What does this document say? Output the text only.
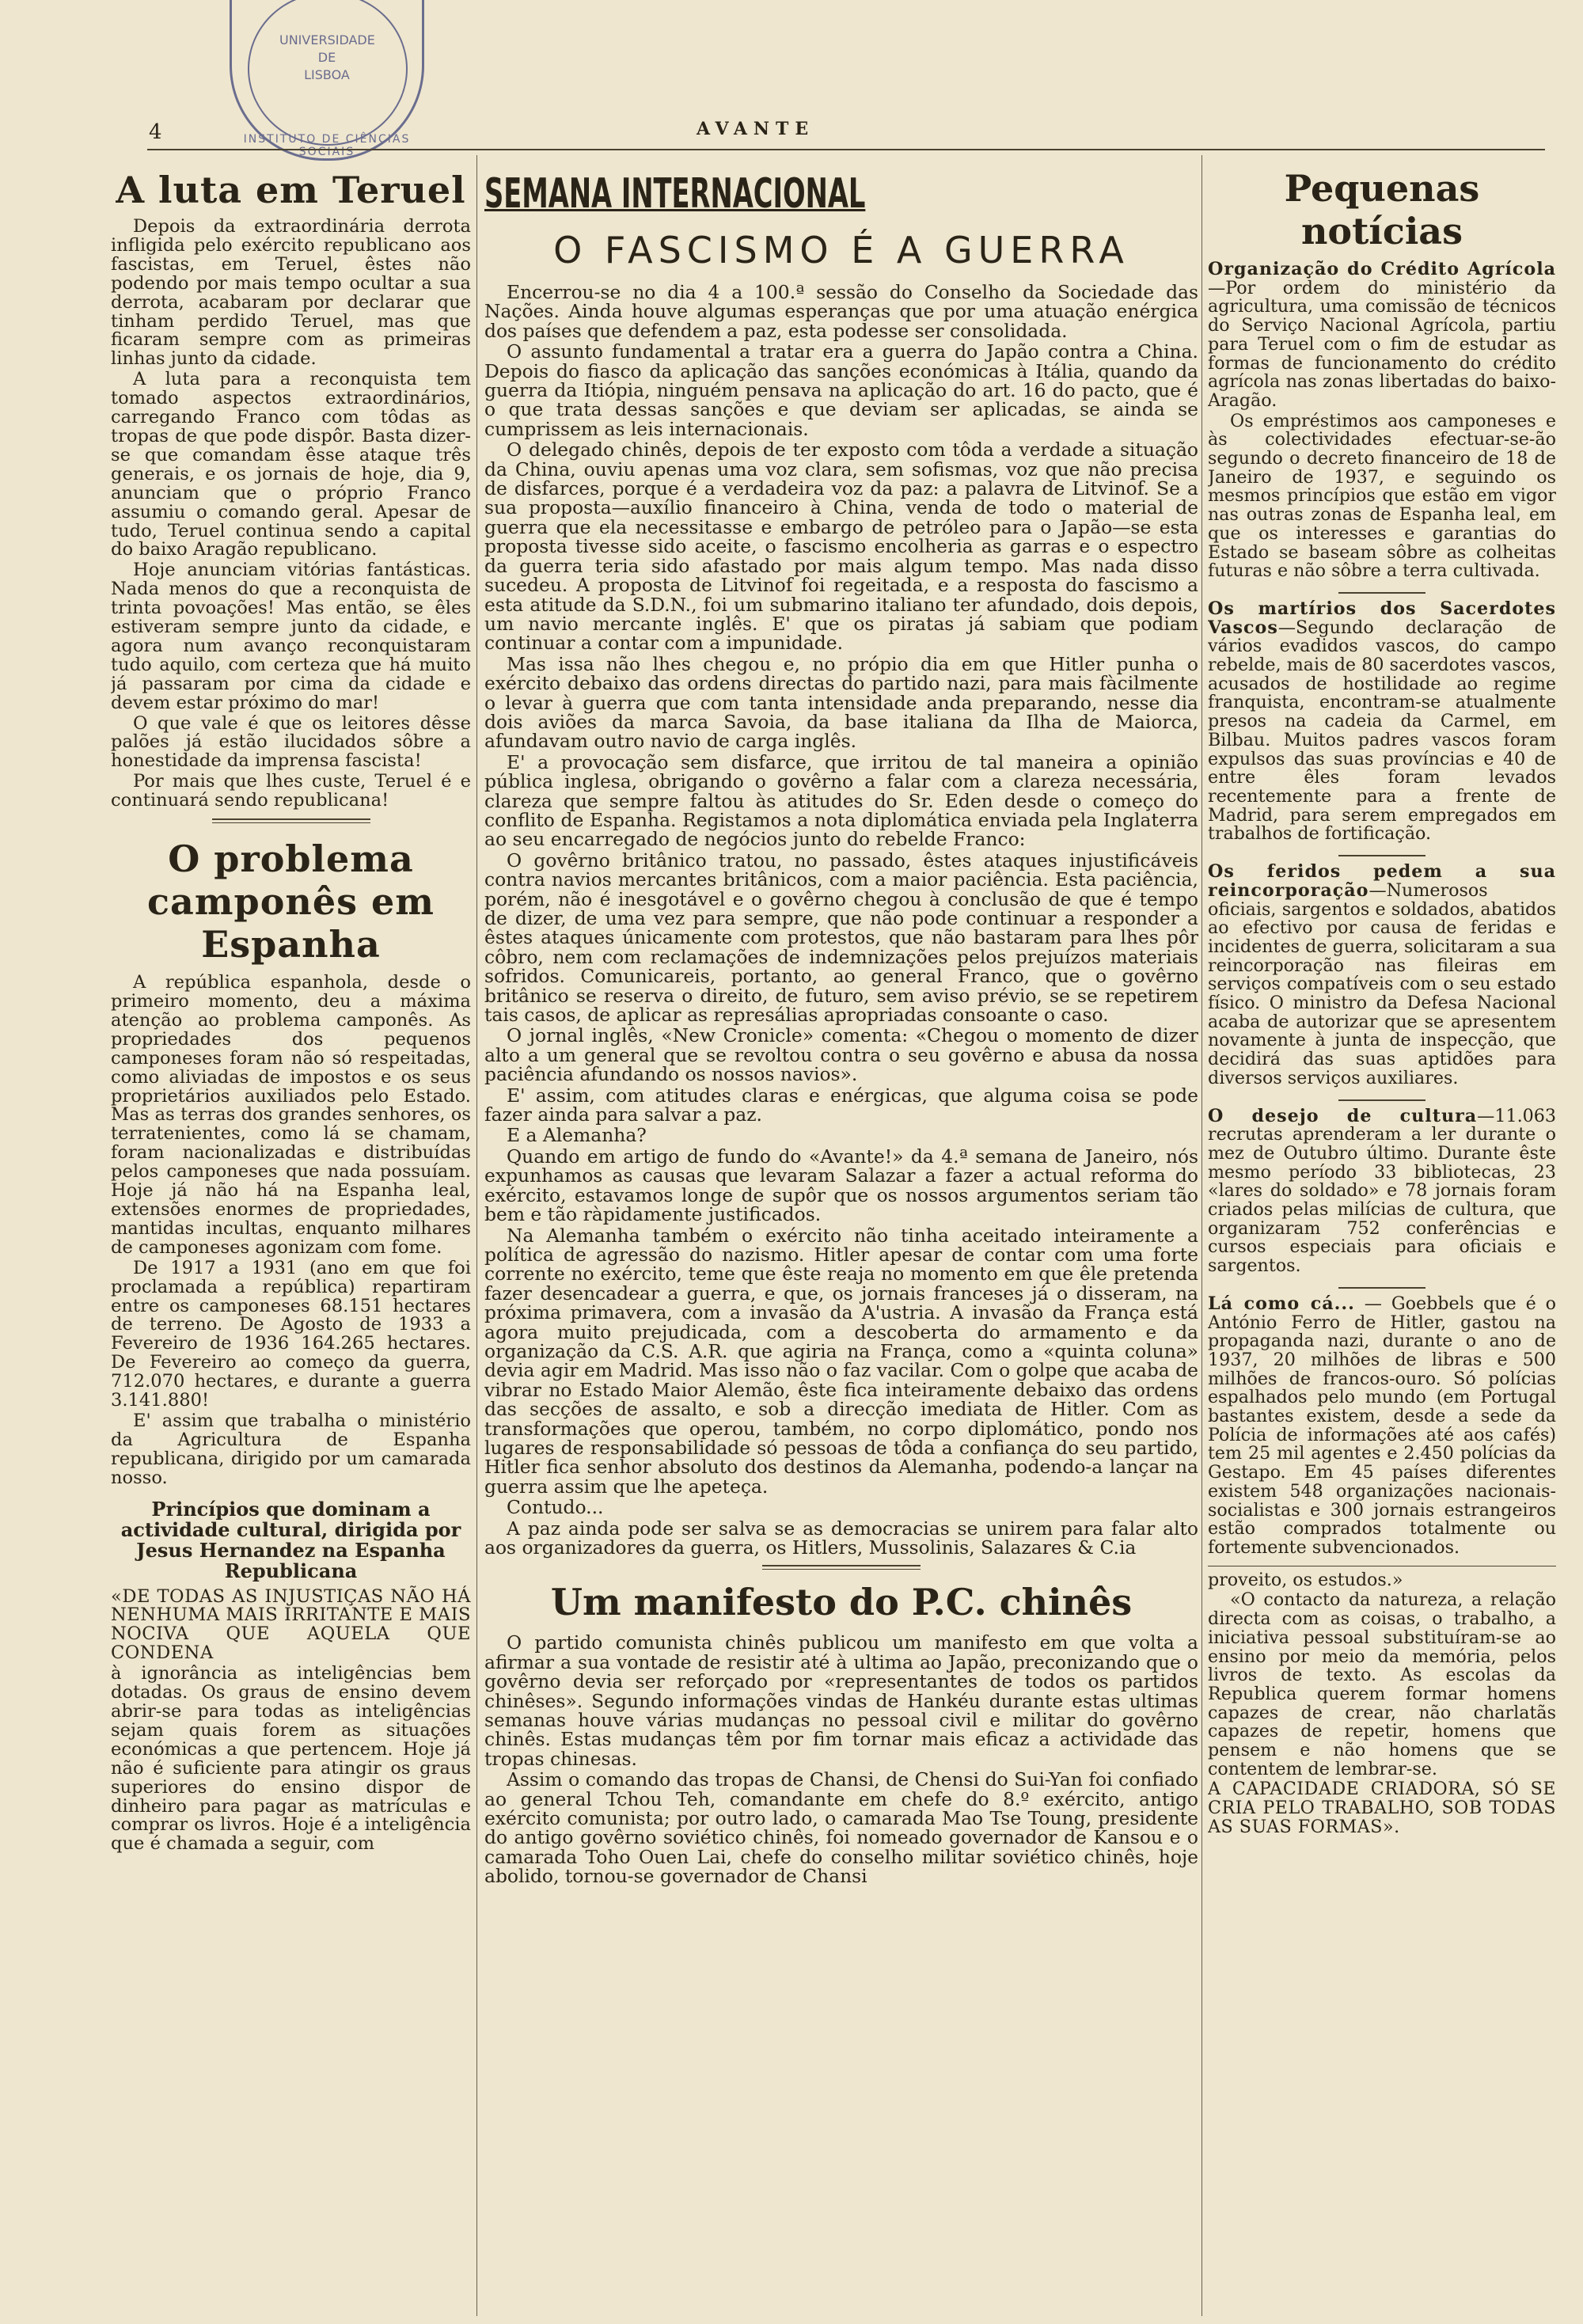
UNIVERSIDADE
DE
LISBOA
INSTITUTO DE CIÊNCIAS SOCIAIS
4	AVANTE
A luta em Teruel

Depois da extraordinária derrota infligida pelo exército republicano aos fascistas, em Teruel, êstes não podendo por mais tempo ocultar a sua derrota, acabaram por declarar que tinham perdido Teruel, mas que ficaram sempre com as primeiras linhas junto da cidade.

A luta para a reconquista tem tomado aspectos extraordinários, carregando Franco com tôdas as tropas de que pode dispôr. Basta dizer-se que comandam êsse ataque três generais, e os jornais de hoje, dia 9, anunciam que o próprio Franco assumiu o comando geral. Apesar de tudo, Teruel continua sendo a capital do baixo Aragão republicano.

Hoje anunciam vitórias fantásticas. Nada menos do que a reconquista de trinta povoações! Mas então, se êles estiveram sempre junto da cidade, e agora num avanço reconquistaram tudo aquilo, com certeza que há muito já passaram por cima da cidade e devem estar próximo do mar!

O que vale é que os leitores dêsse palões já estão ilucidados sôbre a honestidade da imprensa fascista!

Por mais que lhes custe, Teruel é e continuará sendo republicana!

O problema camponês em Espanha

A república espanhola, desde o primeiro momento, deu a máxima atenção ao problema camponês. As propriedades dos pequenos camponeses foram não só respeitadas, como aliviadas de impostos e os seus proprietários auxiliados pelo Estado. Mas as terras dos grandes senhores, os terratenientes, como lá se chamam, foram nacionalizadas e distribuídas pelos camponeses que nada possuíam. Hoje já não há na Espanha leal, extensões enormes de propriedades, mantidas incultas, enquanto milhares de camponeses agonizam com fome.

De 1917 a 1931 (ano em que foi proclamada a república) repartiram entre os camponeses 68.151 hectares de terreno. De Agosto de 1933 a Fevereiro de 1936 164.265 hectares. De Fevereiro ao começo da guerra, 712.070 hectares, e durante a guerra 3.141.880!

E' assim que trabalha o ministério da Agricultura de Espanha republicana, dirigido por um camarada nosso.

Princípios que dominam a actividade cultural, dirigida por Jesus Hernandez na Espanha Republicana

«DE TODAS AS INJUSTIÇAS NÃO HÁ NENHUMA MAIS IRRITANTE E MAIS NOCIVA QUE AQUELA QUE CONDENA

à ignorância as inteligências bem dotadas. Os graus de ensino devem abrir-se para todas as inteligências sejam quais forem as situações económicas a que pertencem. Hoje já não é suficiente para atingir os graus superiores do ensino dispor de dinheiro para pagar as matrículas e comprar os livros. Hoje é a inteligência que é chamada a seguir, com

SEMANA INTERNACIONAL
O FASCISMO É A GUERRA

Encerrou-se no dia 4 a 100.ª sessão do Conselho da Sociedade das Nações. Ainda houve algumas esperanças que por uma atuação enérgica dos países que defendem a paz, esta podesse ser consolidada.

O assunto fundamental a tratar era a guerra do Japão contra a China. Depois do fiasco da aplicação das sanções económicas à Itália, quando da guerra da Itiópia, ninguém pensava na aplicação do art. 16 do pacto, que é o que trata dessas sanções e que deviam ser aplicadas, se ainda se cumprissem as leis internacionais.

O delegado chinês, depois de ter exposto com tôda a verdade a situação da China, ouviu apenas uma voz clara, sem sofismas, voz que não precisa de disfarces, porque é a verdadeira voz da paz: a palavra de Litvinof. Se a sua proposta—auxílio financeiro à China, venda de todo o material de guerra que ela necessitasse e embargo de petróleo para o Japão—se esta proposta tivesse sido aceite, o fascismo encolheria as garras e o espectro da guerra teria sido afastado por mais algum tempo. Mas nada disso sucedeu. A proposta de Litvinof foi regeitada, e a resposta do fascismo a esta atitude da S.D.N., foi um submarino italiano ter afundado, dois depois, um navio mercante inglês. E' que os piratas já sabiam que podiam continuar a contar com a impunidade.

Mas issa não lhes chegou e, no própio dia em que Hitler punha o exército debaixo das ordens directas do partido nazi, para mais fàcilmente o levar à guerra que com tanta intensidade anda preparando, nesse dia dois aviões da marca Savoia, da base italiana da Ilha de Maiorca, afundavam outro navio de carga inglês.

E' a provocação sem disfarce, que irritou de tal maneira a opinião pública inglesa, obrigando o govêrno a falar com a clareza necessária, clareza que sempre faltou às atitudes do Sr. Eden desde o começo do conflito de Espanha. Registamos a nota diplomática enviada pela Inglaterra ao seu encarregado de negócios junto do rebelde Franco:

O govêrno britânico tratou, no passado, êstes ataques injustificáveis contra navios mercantes britânicos, com a maior paciência. Esta paciência, porém, não é inesgotável e o govêrno chegou à conclusão de que é tempo de dizer, de uma vez para sempre, que não pode continuar a responder a êstes ataques únicamente com protestos, que não bastaram para lhes pôr côbro, nem com reclamações de indemnizações pelos prejuízos materiais sofridos. Comunicareis, portanto, ao general Franco, que o govêrno britânico se reserva o direito, de futuro, sem aviso prévio, se se repetirem tais casos, de aplicar as represálias apropriadas consoante o caso.

O jornal inglês, «New Cronicle» comenta: «Chegou o momento de dizer alto a um general que se revoltou contra o seu govêrno e abusa da nossa paciência afundando os nossos navios».

E' assim, com atitudes claras e enérgicas, que alguma coisa se pode fazer ainda para salvar a paz.

E a Alemanha?

Quando em artigo de fundo do «Avante!» da 4.ª semana de Janeiro, nós expunhamos as causas que levaram Salazar a fazer a actual reforma do exército, estavamos longe de supôr que os nossos argumentos seriam tão bem e tão ràpidamente justificados.

Na Alemanha também o exército não tinha aceitado inteiramente a política de agressão do nazismo. Hitler apesar de contar com uma forte corrente no exército, teme que êste reaja no momento em que êle pretenda fazer desencadear a guerra, e que, os jornais franceses já o disseram, na próxima primavera, com a invasão da A'ustria. A invasão da França está agora muito prejudicada, com a descoberta do armamento e da organização da C.S. A.R. que agiria na França, como a «quinta coluna» devia agir em Madrid. Mas isso não o faz vacilar. Com o golpe que acaba de vibrar no Estado Maior Alemão, êste fica inteiramente debaixo das ordens das secções de assalto, e sob a direcção imediata de Hitler. Com as transformações que operou, também, no corpo diplomático, pondo nos lugares de responsabilidade só pessoas de tôda a confiança do seu partido, Hitler fica senhor absoluto dos destinos da Alemanha, podendo-a lançar na guerra assim que lhe apeteça.

Contudo...

A paz ainda pode ser salva se as democracias se unirem para falar alto aos organizadores da guerra, os Hitlers, Mussolinis, Salazares & C.ia

Um manifesto do P.C. chinês

O partido comunista chinês publicou um manifesto em que volta a afirmar a sua vontade de resistir até à ultima ao Japão, preconizando que o govêrno devia ser reforçado por «representantes de todos os partidos chinêses». Segundo informações vindas de Hankéu durante estas ultimas semanas houve várias mudanças no pessoal civil e militar do govêrno chinês. Estas mudanças têm por fim tornar mais eficaz a actividade das tropas chinesas.

Assim o comando das tropas de Chansi, de Chensi do Sui-Yan foi confiado ao general Tchou Teh, comandante em chefe do 8.º exército, antigo exército comunista; por outro lado, o camarada Mao Tse Toung, presidente do antigo govêrno soviético chinês, foi nomeado governador de Kansou e o camarada Toho Ouen Lai, chefe do conselho militar soviético chinês, hoje abolido, tornou-se governador de Chansi

Pequenas notícias

Organização do Crédito Agrícola—Por ordem do ministério da agricultura, uma comissão de técnicos do Serviço Nacional Agrícola, partiu para Teruel com o fim de estudar as formas de funcionamento do crédito agrícola nas zonas libertadas do baixo-Aragão.

Os empréstimos aos camponeses e às colectividades efectuar-se-ão segundo o decreto financeiro de 18 de Janeiro de 1937, e seguindo os mesmos princípios que estão em vigor nas outras zonas de Espanha leal, em que os interesses e garantias do Estado se baseam sôbre as colheitas futuras e não sôbre a terra cultivada.

Os martírios dos Sacerdotes Vascos—Segundo declaração de vários evadidos vascos, do campo rebelde, mais de 80 sacerdotes vascos, acusados de hostilidade ao regime franquista, encontram-se atualmente presos na cadeia da Carmel, em Bilbau. Muitos padres vascos foram expulsos das suas províncias e 40 de entre êles foram levados recentemente para a frente de Madrid, para serem empregados em trabalhos de fortificação.

Os feridos pedem a sua reincorporação—Numerosos oficiais, sargentos e soldados, abatidos ao efectivo por causa de feridas e incidentes de guerra, solicitaram a sua reincorporação nas fileiras em serviços compatíveis com o seu estado físico. O ministro da Defesa Nacional acaba de autorizar que se apresentem novamente à junta de inspecção, que decidirá das suas aptidões para diversos serviços auxiliares.

O desejo de cultura—11.063 recrutas aprenderam a ler durante o mez de Outubro último. Durante êste mesmo período 33 bibliotecas, 23 «lares do soldado» e 78 jornais foram criados pelas milícias de cultura, que organizaram 752 conferências e cursos especiais para oficiais e sargentos.

Lá como cá... — Goebbels que é o António Ferro de Hitler, gastou na propaganda nazi, durante o ano de 1937, 20 milhões de libras e 500 milhões de francos-ouro. Só polícias espalhados pelo mundo (em Portugal bastantes existem, desde a sede da Polícia de informações até aos cafés) tem 25 mil agentes e 2.450 polícias da Gestapo. Em 45 países diferentes existem 548 organizações nacionais-socialistas e 300 jornais estrangeiros estão comprados totalmente ou fortemente subvencionados.

proveito, os estudos.»

«O contacto da natureza, a relação directa com as coisas, o trabalho, a iniciativa pessoal substituíram-se ao ensino por meio da memória, pelos livros de texto. As escolas da Republica querem formar homens capazes de crear, não charlatãs capazes de repetir, homens que pensem e não homens que se contentem de lembrar-se.

A CAPACIDADE CRIADORA, SÓ SE CRIA PELO TRABALHO, SOB TODAS AS SUAS FORMAS».
